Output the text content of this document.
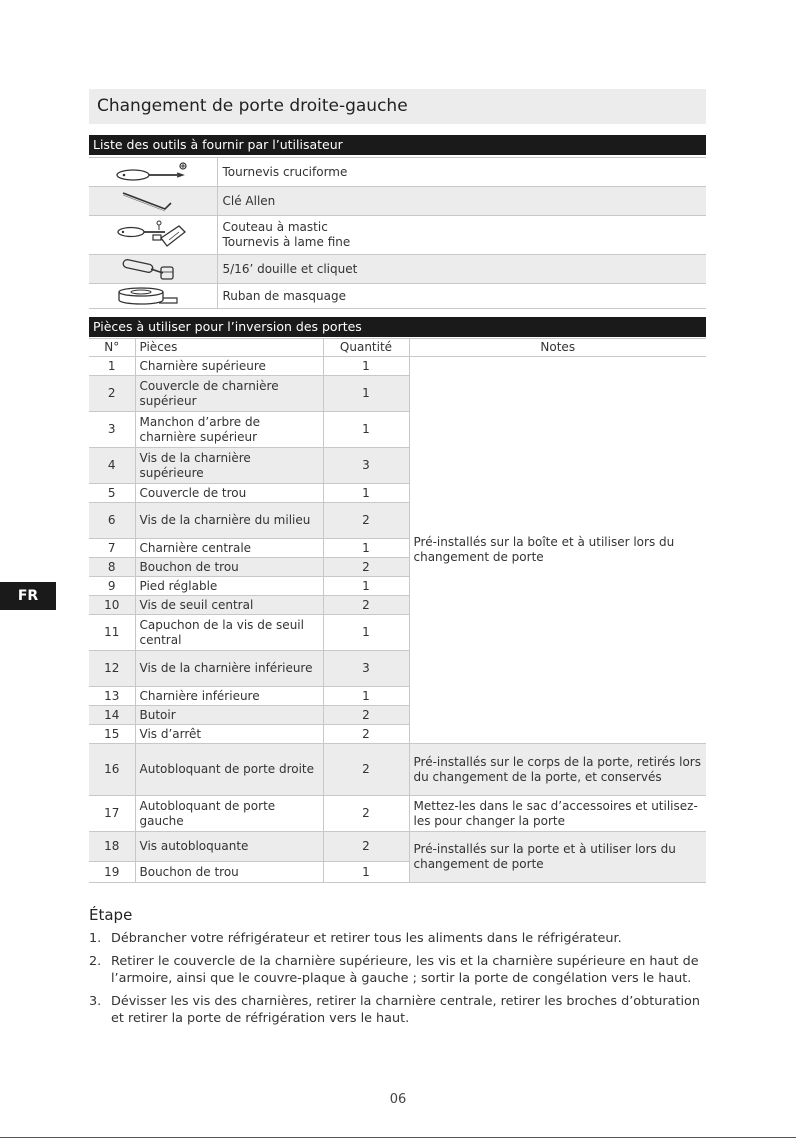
Changement de porte droite-gauche
Liste des outils à fournir par l’utilisateur
	Tournevis cruciforme

	Clé Allen

Couteau à mastic
Tournevis à lame fine

	5/16’ douille et cliquet

	Ruban de masquage
Pièces à utiliser pour l’inversion des portes
N°	Pièces	Quantité	Notes
1	Charnière supérieure	1	Pré-installés sur la boîte et à utiliser lors du changement de porte
2	Couvercle de charnière supérieur	1	
3	Manchon d’arbre de charnière supérieur	1	
4	Vis de la charnière supérieure	3	
5	Couvercle de trou	1	
6	Vis de la charnière du milieu	2	
7	Charnière centrale	1	
8	Bouchon de trou	2	
9	Pied réglable	1	
10	Vis de seuil central	2	
11	Capuchon de la vis de seuil central	1	
12	Vis de la charnière inférieure	3	
13	Charnière inférieure	1	
14	Butoir	2	
15	Vis d’arrêt	2	
16	Autobloquant de porte droite	2	Pré-installés sur le corps de la porte, retirés lors du changement de la porte, et conservés
17	Autobloquant de porte gauche	2	Mettez-les dans le sac d’accessoires et utilisez-les pour changer la porte
18	Vis autobloquante	2	Pré-installés sur la porte et à utiliser lors du changement de porte
19	Bouchon de trou	1	
Étape
1. Débrancher votre réfrigérateur et retirer tous les aliments dans le réfrigérateur.
2. Retirer le couvercle de la charnière supérieure, les vis et la charnière supérieure en haut de l’armoire, ainsi que le couvre-plaque à gauche ; sortir la porte de congélation vers le haut.
3. Dévisser les vis des charnières, retirer la charnière centrale, retirer les broches d’obturation et retirer la porte de réfrigération vers le haut.
FR
06
